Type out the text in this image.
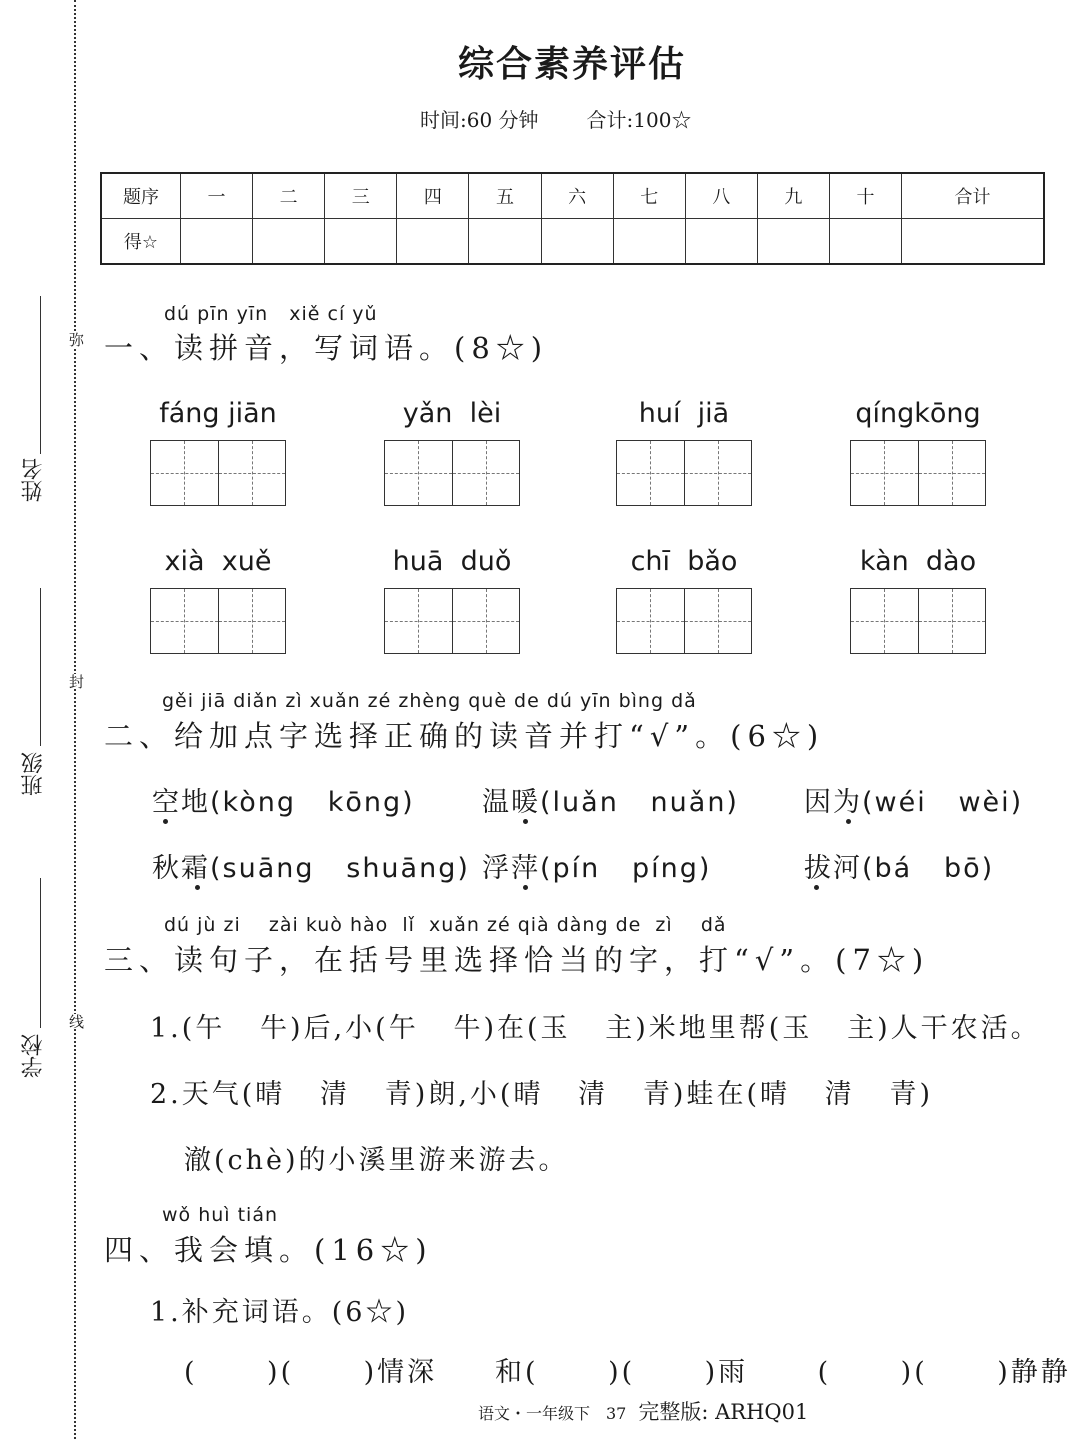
姓名
班级
学校
弥
封
线
综合素养评估
时间:60 分钟 合计:100☆
题序	一	二	三	四	五	六	七	八	九	十	合计
得☆											
dú pīn yīn   xiě cí yǔ
一、读拼音，写词语。(8☆)
fáng jiān	yǎn  lèi	huí  jiā	qíngkōng
xià  xuě	huā  duǒ	chī  bǎo	kàn  dào
gěi jiā diǎn zì xuǎn zé zhèng què de dú yīn bìng dǎ
二、给加点字选择正确的读音并打“√”。(6☆)
空地(kòng   kōng) 温暖(luǎn   nuǎn) 因为(wéi   wèi)
秋霜(suāng   shuāng) 浮萍(pín   píng)	拔河(bá   bō)
dú jù zi    zài kuò hào  lǐ  xuǎn zé qià dàng de  zì    dǎ
三、读句子，在括号里选择恰当的字，打“√”。(7☆)
1.(午   牛)后,小(午   牛)在(玉   主)米地里帮(玉   主)人干农活。
2.天气(晴   清   青)朗,小(晴   清   青)蛙在(晴   清   青)
澈(chè)的小溪里游来游去。
wǒ huì tián
四、我会填。(16☆)
1.补充词语。(6☆)
(      )(      )情深     和(      )(      )雨      (      )(      )静静
语文・一年级下　37 完整版: ARHQ01
